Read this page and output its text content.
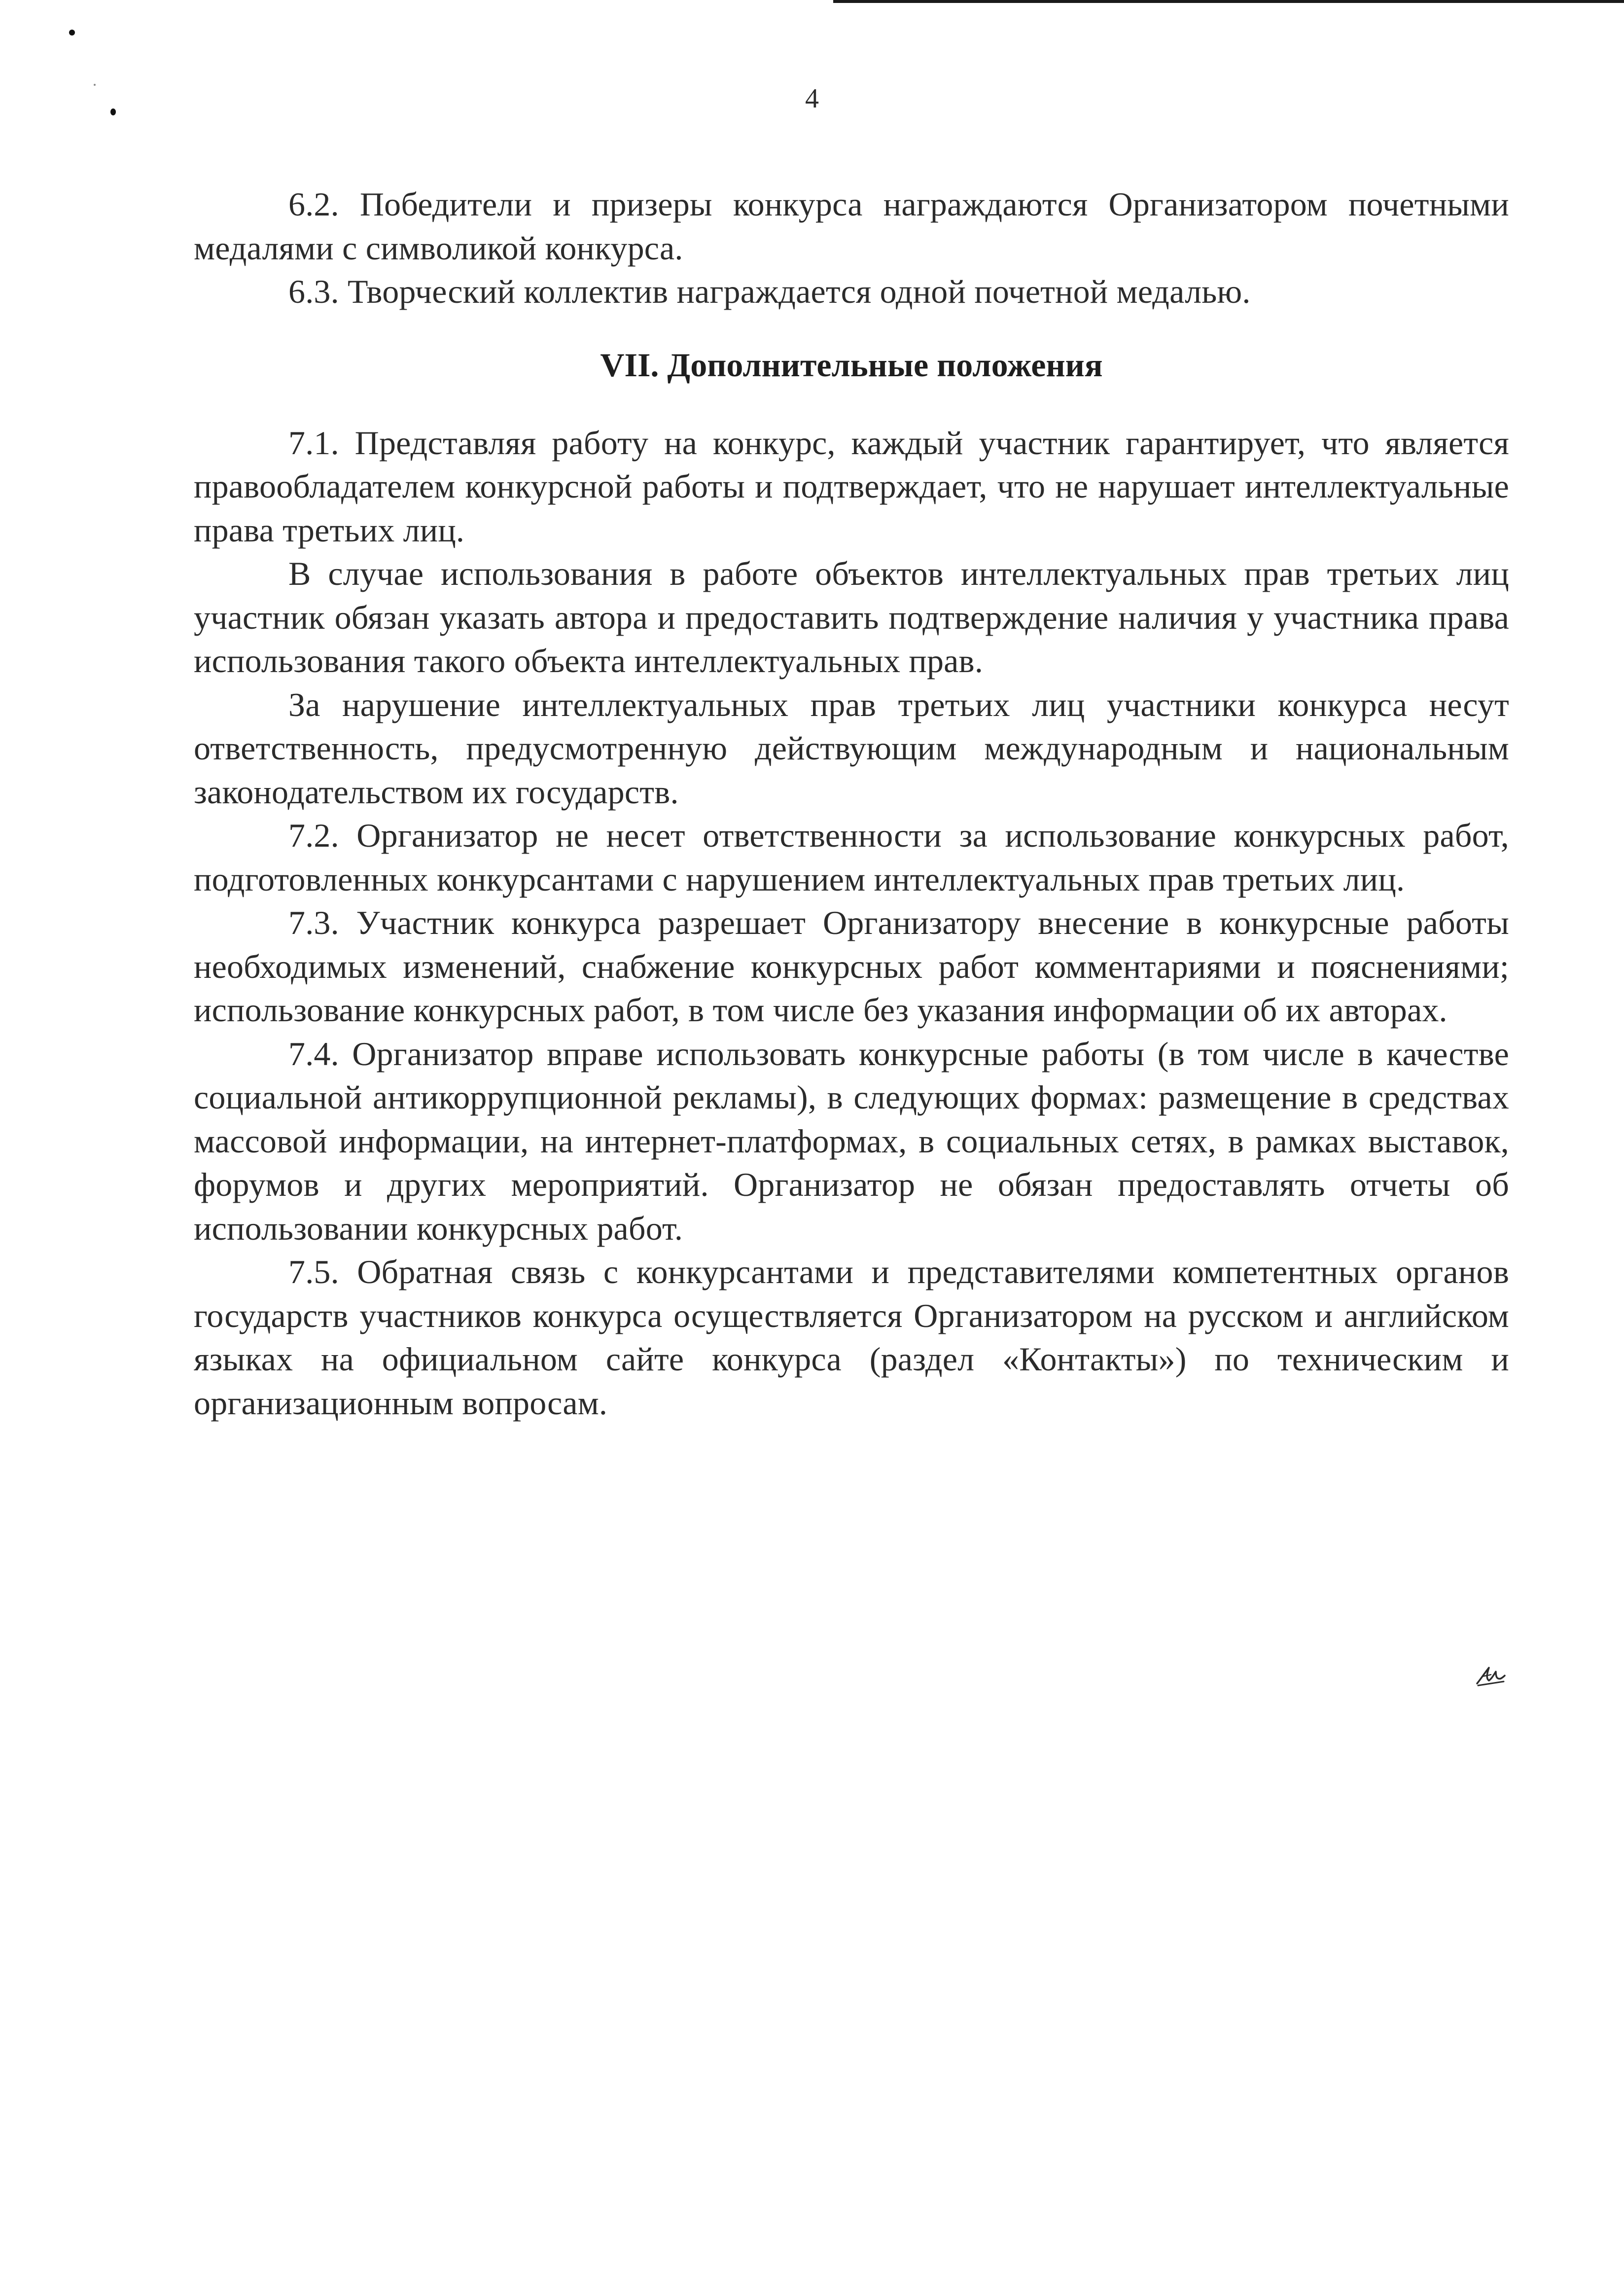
4

6.2. Победители и призеры конкурса награждаются Организатором почетными медалями с символикой конкурса.

6.3. Творческий коллектив награждается одной почетной медалью.

VII. Дополнительные положения

7.1. Представляя работу на конкурс, каждый участник гарантирует, что является правообладателем конкурсной работы и подтверждает, что не нарушает интеллектуальные права третьих лиц.

В случае использования в работе объектов интеллектуальных прав третьих лиц участник обязан указать автора и предоставить подтверждение наличия у участника права использования такого объекта интеллектуальных прав.

За нарушение интеллектуальных прав третьих лиц участники конкурса несут ответственность, предусмотренную действующим международным и национальным законодательством их государств.

7.2. Организатор не несет ответственности за использование конкурсных работ, подготовленных конкурсантами с нарушением интеллектуальных прав третьих лиц.

7.3. Участник конкурса разрешает Организатору внесение в конкурсные работы необходимых изменений, снабжение конкурсных работ комментариями и пояснениями; использование конкурсных работ, в том числе без указания информации об их авторах.

7.4. Организатор вправе использовать конкурсные работы (в том числе в качестве социальной антикоррупционной рекламы), в следующих формах: размещение в средствах массовой информации, на интернет-платформах, в социальных сетях, в рамках выставок, форумов и других мероприятий. Организатор не обязан предоставлять отчеты об использовании конкурсных работ.

7.5. Обратная связь с конкурсантами и представителями компетентных органов государств участников конкурса осуществляется Организатором на русском и английском языках на официальном сайте конкурса (раздел «Контакты») по техническим и организационным вопросам.
